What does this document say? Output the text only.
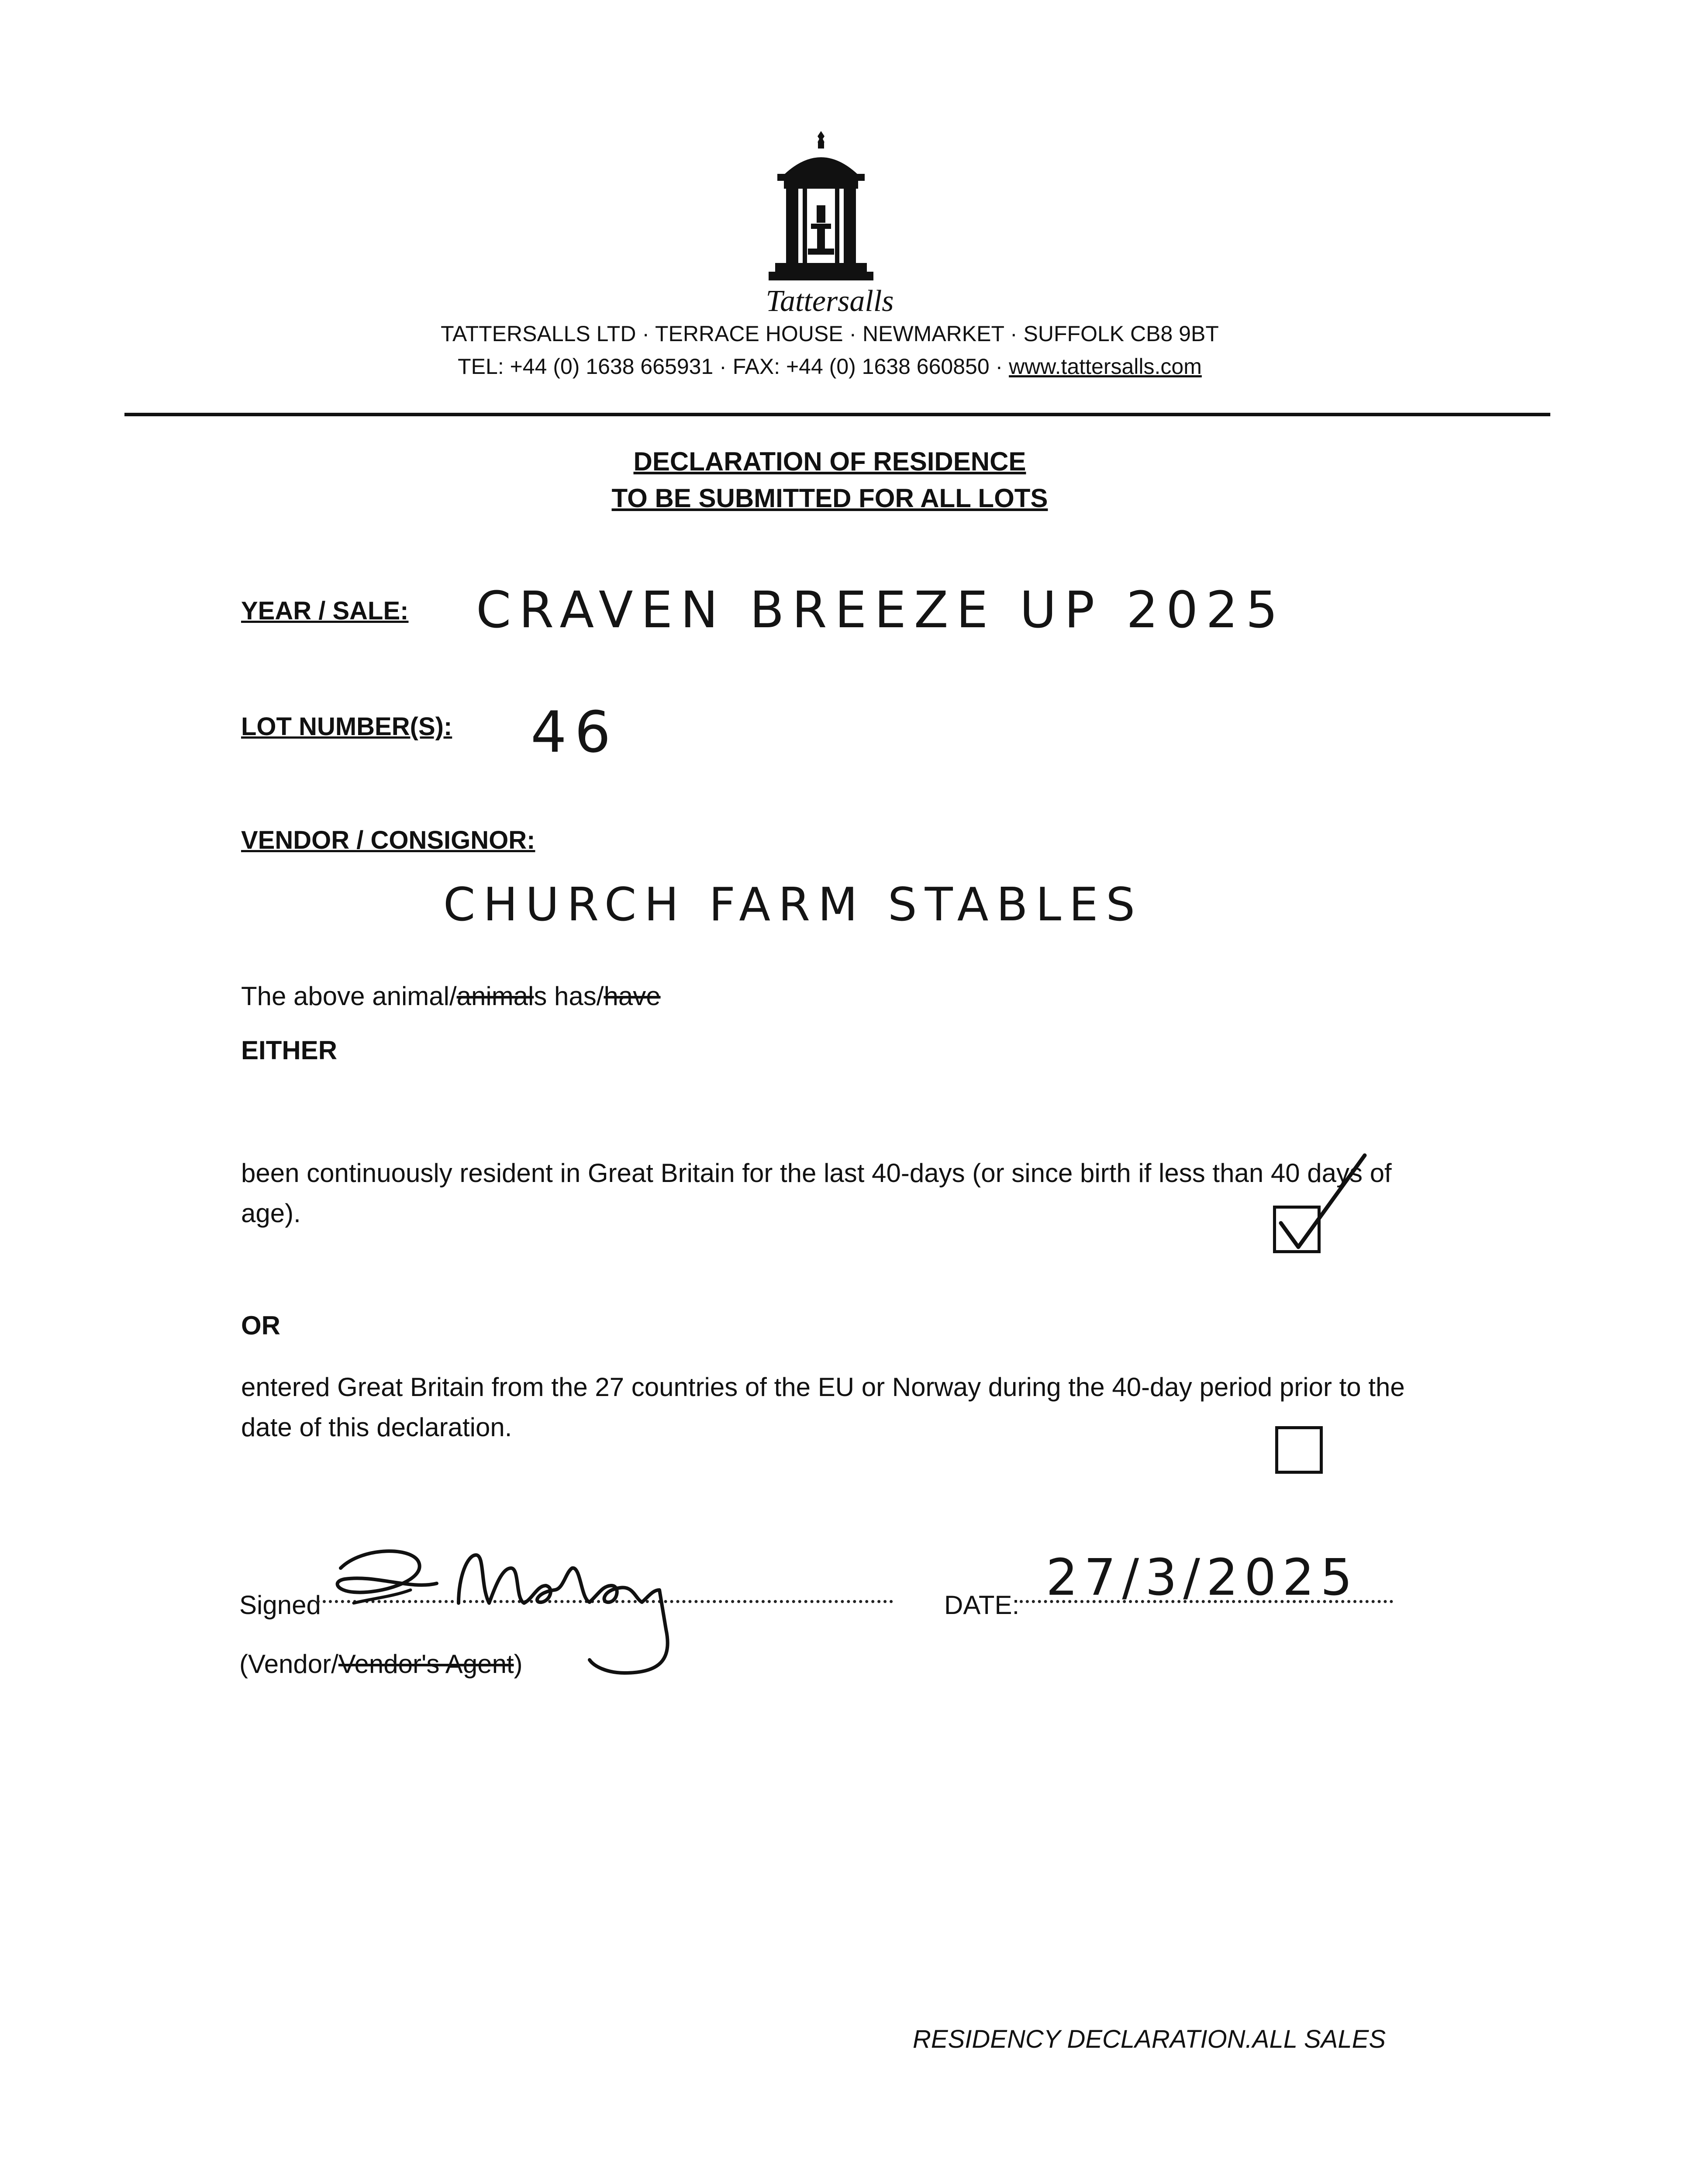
Tattersalls
TATTERSALLS LTD · TERRACE HOUSE · NEWMARKET · SUFFOLK CB8 9BT
TEL: +44 (0) 1638 665931 · FAX: +44 (0) 1638 660850 · www.tattersalls.com
DECLARATION OF RESIDENCE
TO BE SUBMITTED FOR ALL LOTS
YEAR / SALE: CRAVEN BREEZE UP 2025
LOT NUMBER(S): 46
VENDOR / CONSIGNOR:
CHURCH FARM STABLES
The above animal/animals has/have
EITHER
been continuously resident in Great Britain for the last 40-days (or since birth if less than 40 days of age).
OR
entered Great Britain from the 27 countries of the EU or Norway during the 40-day period prior to the date of this declaration.
Signed
(Vendor/Vendor's Agent)
DATE: 27/3/2025
RESIDENCY DECLARATION.ALL SALES
